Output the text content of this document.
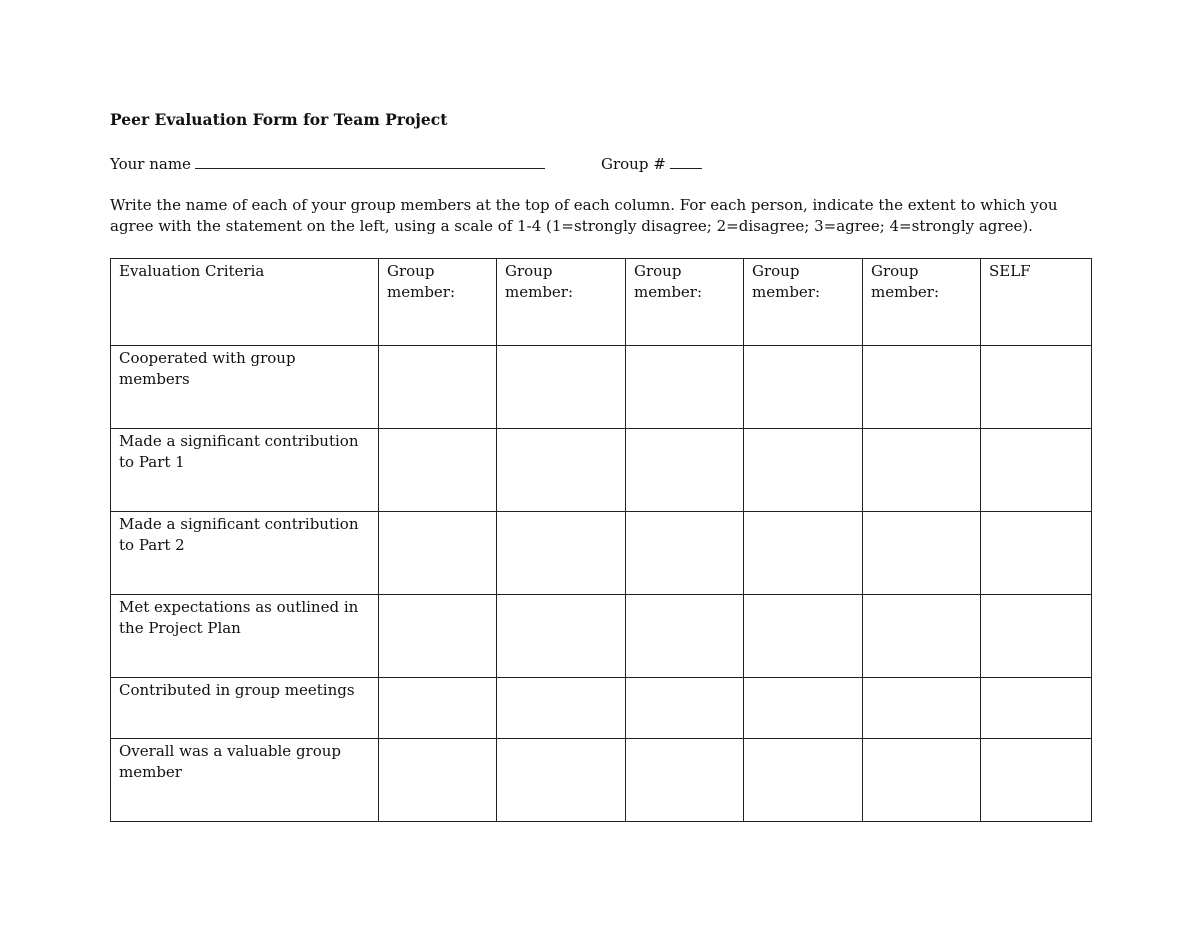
Peer Evaluation Form for Team Project
Your name	Group #
Write the name of each of your group members at the top of each column. For each person, indicate the extent to which you agree with the statement on the left, using a scale of 1-4 (1=strongly disagree; 2=disagree; 3=agree; 4=strongly agree).
Evaluation Criteria	Group member:	Group member:	Group member:	Group member:	Group member:	SELF

Cooperated with group members						
Made a significant contribution to Part 1						
Made a significant contribution to Part 2						
Met expectations as outlined in the Project Plan						
Contributed in group meetings						
Overall was a valuable group member						
